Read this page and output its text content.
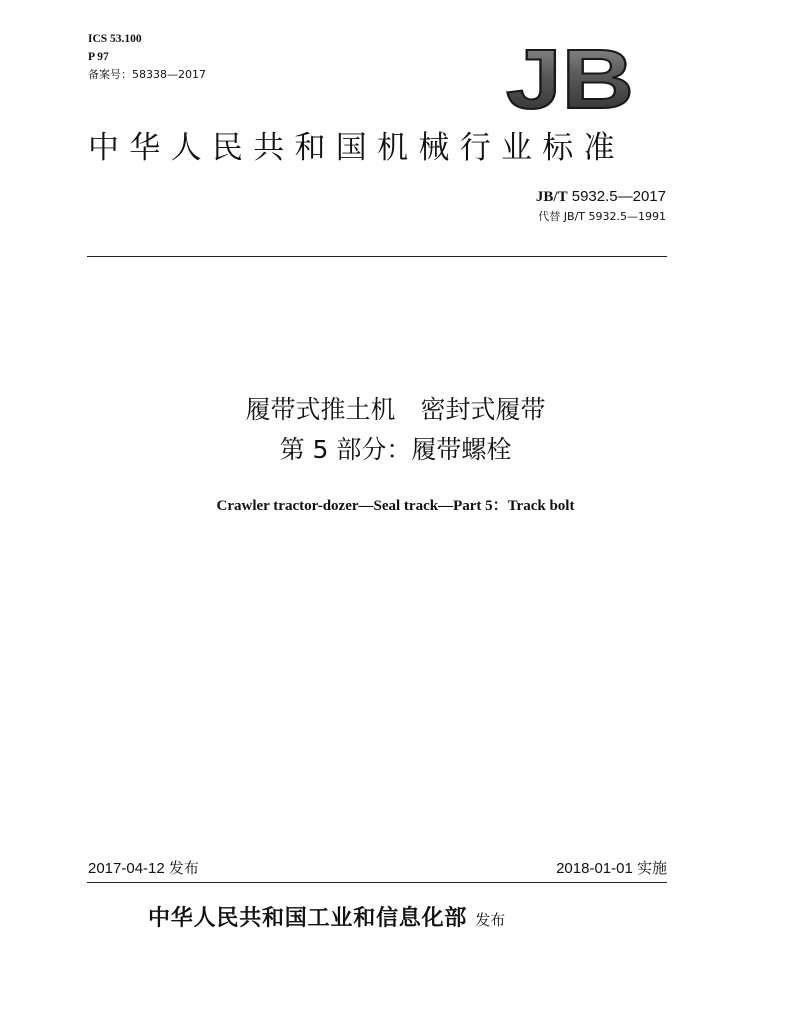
ICS 53.100
P 97
备案号：58338—2017	JB
中华人民共和国机械行业标准
JB/T 5932.5—2017
代替 JB/T 5932.5—1991
履带式推土机　密封式履带
第 5 部分：履带螺栓
Crawler tractor-dozer—Seal track—Part 5：Track bolt
2017-04-12 发布	2018-01-01 实施
中华人民共和国工业和信息化部 发布
